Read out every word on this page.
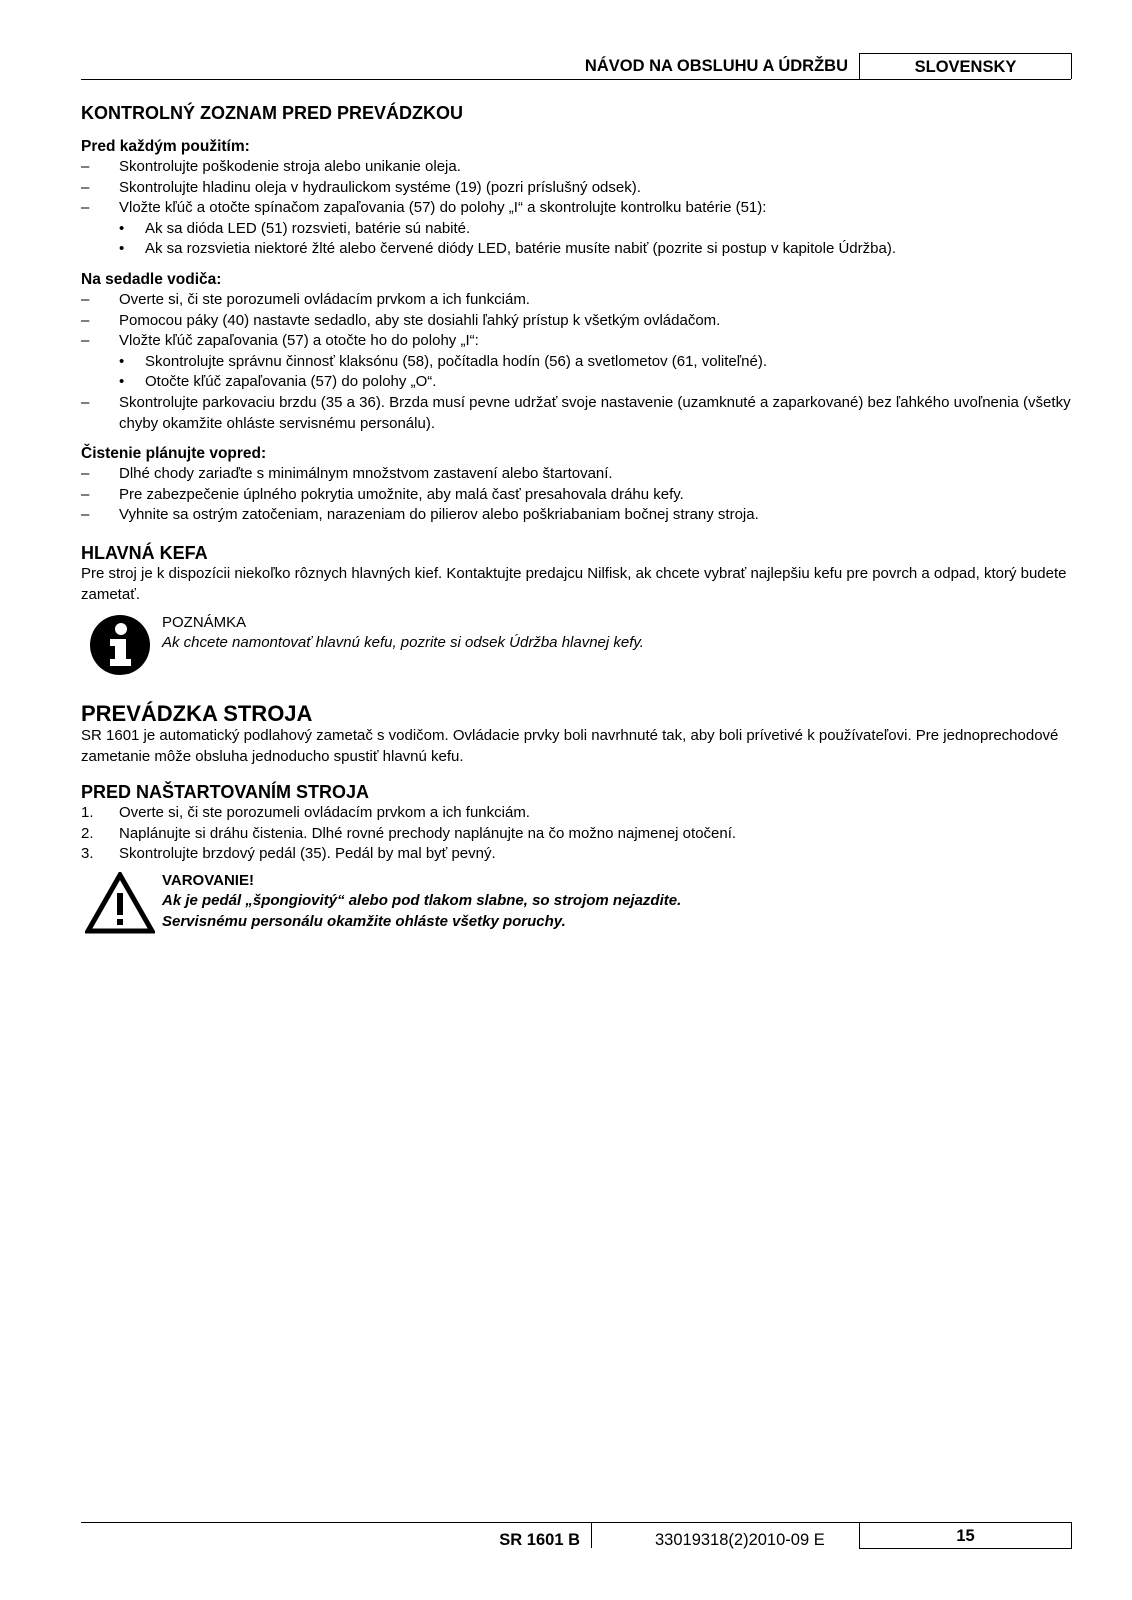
NÁVOD NA OBSLUHU A ÚDRŽBU	SLOVENSKY
KONTROLNÝ ZOZNAM PRED PREVÁDZKOU
Pred každým použitím:
– Skontrolujte poškodenie stroja alebo unikanie oleja.
– Skontrolujte hladinu oleja v hydraulickom systéme (19) (pozri príslušný odsek).
– Vložte kľúč a otočte spínačom zapaľovania (57) do polohy „I“ a skontrolujte kontrolku batérie (51):
• Ak sa dióda LED (51) rozsvieti, batérie sú nabité.
• Ak sa rozsvietia niektoré žlté alebo červené diódy LED, batérie musíte nabiť (pozrite si postup v kapitole Údržba).
Na sedadle vodiča:
– Overte si, či ste porozumeli ovládacím prvkom a ich funkciám.
– Pomocou páky (40) nastavte sedadlo, aby ste dosiahli ľahký prístup k všetkým ovládačom.
– Vložte kľúč zapaľovania (57) a otočte ho do polohy „I“:
• Skontrolujte správnu činnosť klaksónu (58), počítadla hodín (56) a svetlometov (61, voliteľné).
• Otočte kľúč zapaľovania (57) do polohy „O“.
– Skontrolujte parkovaciu brzdu (35 a 36). Brzda musí pevne udržať svoje nastavenie (uzamknuté a zaparkované) bez ľahkého uvoľnenia (všetky chyby okamžite ohláste servisnému personálu).
Čistenie plánujte vopred:
– Dlhé chody zariaďte s minimálnym množstvom zastavení alebo štartovaní.
– Pre zabezpečenie úplného pokrytia umožnite, aby malá časť presahovala dráhu kefy.
– Vyhnite sa ostrým zatočeniam, narazeniam do pilierov alebo poškriabaniam bočnej strany stroja.
HLAVNÁ KEFA

Pre stroj je k dispozícii niekoľko rôznych hlavných kief. Kontaktujte predajcu Nilfisk, ak chcete vybrať najlepšiu kefu pre povrch a odpad, ktorý budete zametať.

POZNÁMKA
Ak chcete namontovať hlavnú kefu, pozrite si odsek Údržba hlavnej kefy.
PREVÁDZKA STROJA

SR 1601 je automatický podlahový zametač s vodičom. Ovládacie prvky boli navrhnuté tak, aby boli prívetivé k používateľovi. Pre jednoprechodové zametanie môže obsluha jednoducho spustiť hlavnú kefu.

PRED NAŠTARTOVANÍM STROJA
1. Overte si, či ste porozumeli ovládacím prvkom a ich funkciám.
2. Naplánujte si dráhu čistenia. Dlhé rovné prechody naplánujte na čo možno najmenej otočení.
3. Skontrolujte brzdový pedál (35). Pedál by mal byť pevný.
VAROVANIE!
Ak je pedál „špongiovitý“ alebo pod tlakom slabne, so strojom nejazdite.
Servisnému personálu okamžite ohláste všetky poruchy.
SR 1601 B	33019318(2)2010-09 E	15
